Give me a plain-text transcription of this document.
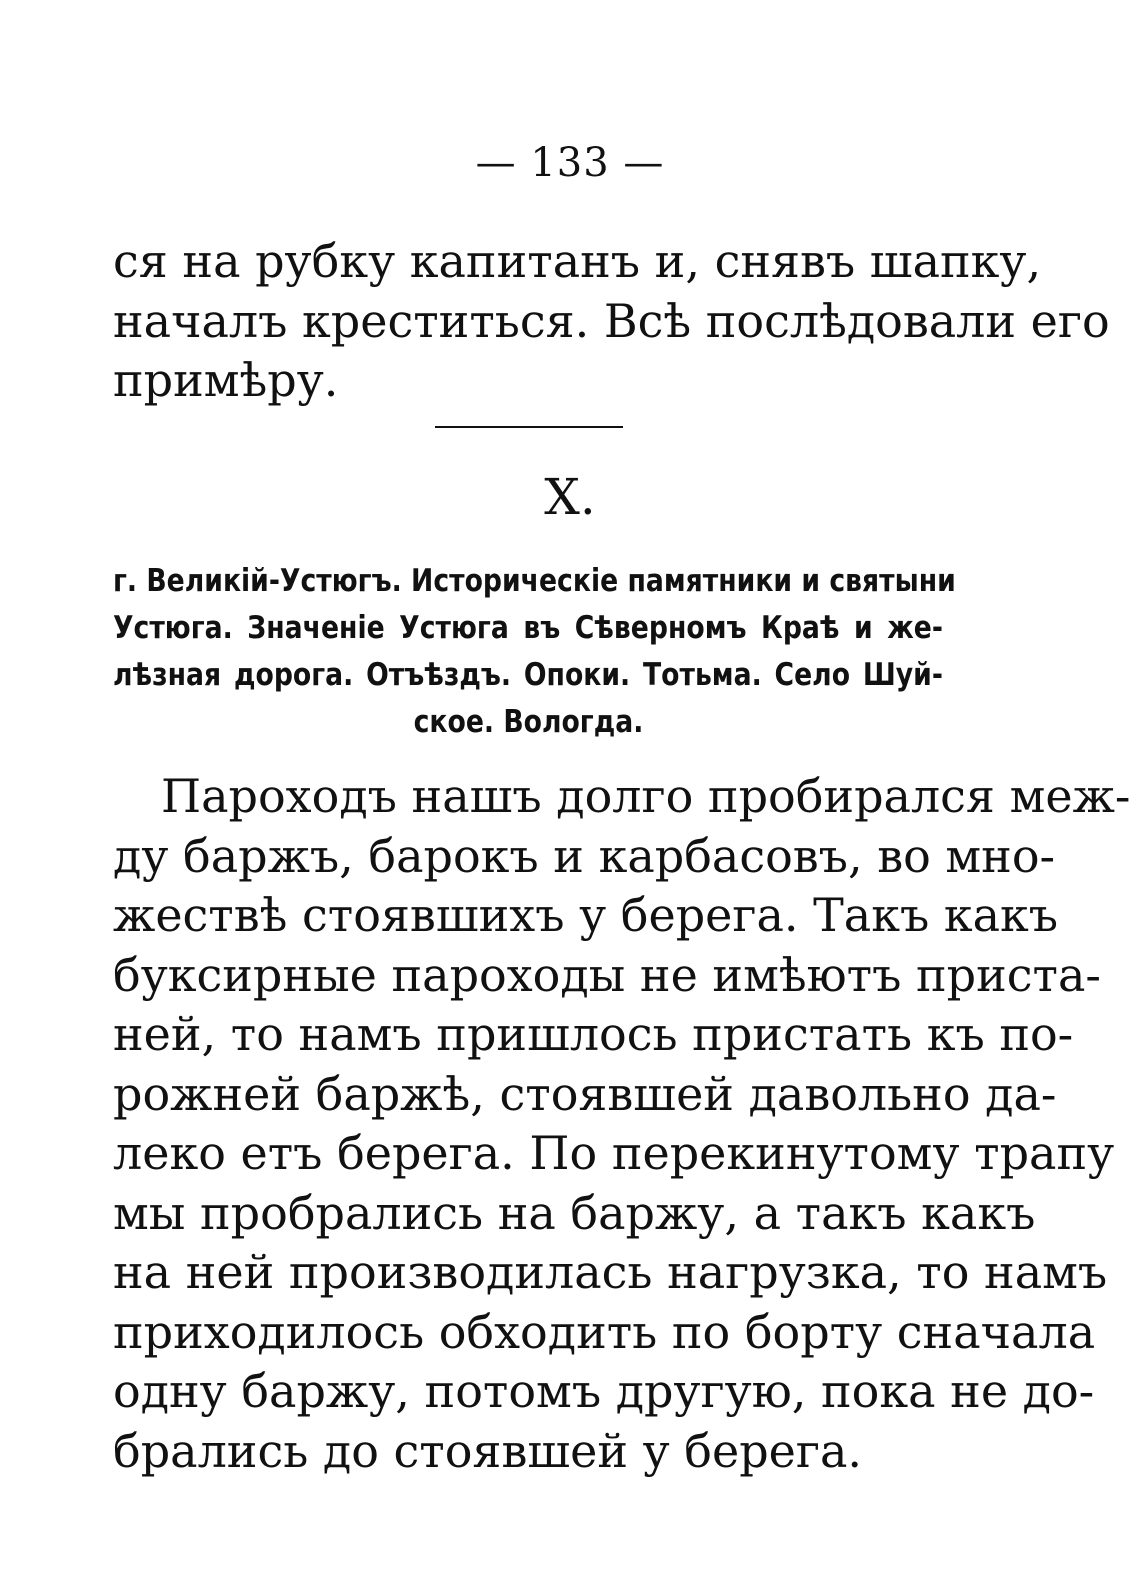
— 133 —
ся на рубку капитанъ и, снявъ шапку,
началъ креститься. Всѣ послѣдовали его
примѣру.
X.
г. Великій-Устюгъ. Историческіе памятники и святыни
Устюга. Значеніе Устюга въ Сѣверномъ Краѣ и же-
лѣзная дорога. Отъѣздъ. Опоки. Тотьма. Село Шуй-
ское. Вологда.
Пароходъ нашъ долго пробирался меж-
ду баржъ, барокъ и карбасовъ, во мно-
жествѣ стоявшихъ у берега. Такъ какъ
буксирные пароходы не имѣютъ приста-
ней, то намъ пришлось пристать къ по-
рожней баржѣ, стоявшей давольно да-
леко етъ берега. По перекинутому трапу
мы пробрались на баржу, а такъ какъ
на ней производилась нагрузка, то намъ
приходилось обходить по борту сначала
одну баржу, потомъ другую, пока не до-
брались до стоявшей у берега.
